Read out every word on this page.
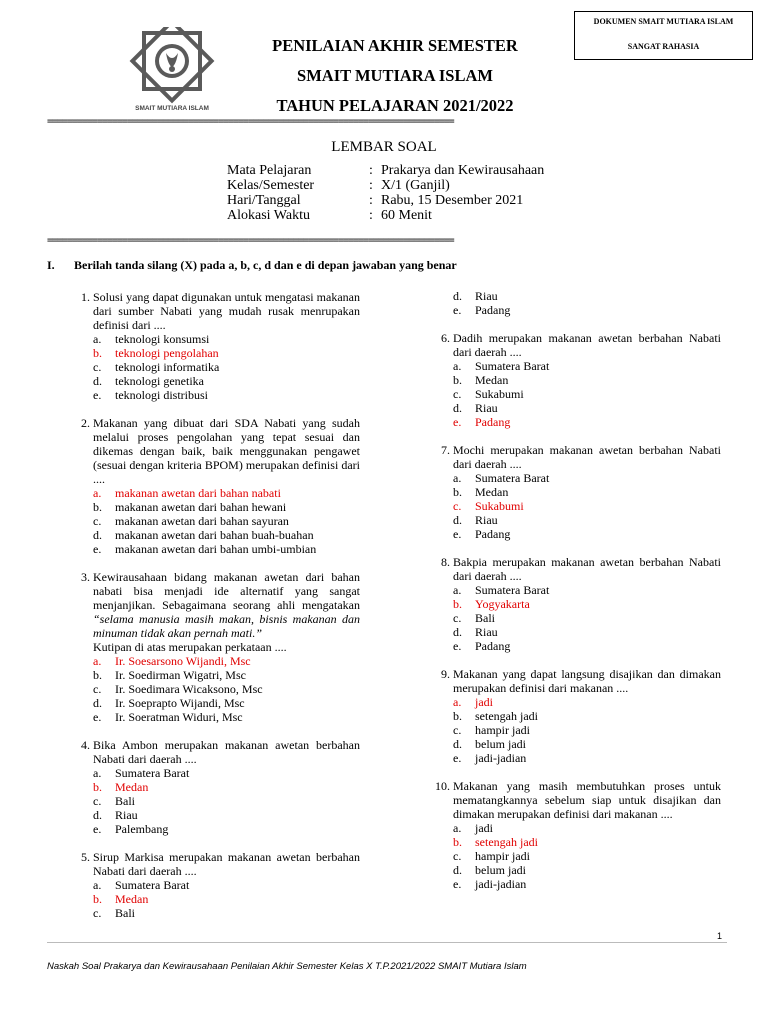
DOKUMEN SMAIT MUTIARA ISLAM
SANGAT RAHASIA
SMAIT MUTIARA ISLAM
PENILAIAN AKHIR SEMESTER
SMAIT MUTIARA ISLAM
TAHUN PELAJARAN 2021/2022
=================================================================================
LEMBAR SOAL
Mata Pelajaran	: Prakarya dan Kewirausahaan
Kelas/Semester	: X/1 (Ganjil)
Hari/Tanggal	: Rabu, 15 Desember 2021
Alokasi Waktu	: 60 Menit
=================================================================================
I. Berilah tanda silang (X) pada a, b, c, d dan e di depan jawaban yang benar
1. Solusi yang dapat digunakan untuk mengatasi makanan dari sumber Nabati yang mudah rusak menrupakan definisi dari ....
a. teknologi konsumsi
b. teknologi pengolahan
c. teknologi informatika
d. teknologi genetika
e. teknologi distribusi
2. Makanan yang dibuat dari SDA Nabati yang sudah melalui proses pengolahan yang tepat sesuai dan dikemas dengan baik, baik menggunakan pengawet (sesuai dengan kriteria BPOM) merupakan definisi dari ....
a. makanan awetan dari bahan nabati
b. makanan awetan dari bahan hewani
c. makanan awetan dari bahan sayuran
d. makanan awetan dari bahan buah-buahan
e. makanan awetan dari bahan umbi-umbian
3. Kewirausahaan bidang makanan awetan dari bahan nabati bisa menjadi ide alternatif yang sangat menjanjikan. Sebagaimana seorang ahli mengatakan “selama manusia masih makan, bisnis makanan dan minuman tidak akan pernah mati.”
Kutipan di atas merupakan perkataan ....
a. Ir. Soesarsono Wijandi, Msc
b. Ir. Soedirman Wigatri, Msc
c. Ir. Soedimara Wicaksono, Msc
d. Ir. Soeprapto Wijandi, Msc
e. Ir. Soeratman Widuri, Msc
4. Bika Ambon merupakan makanan awetan berbahan Nabati dari daerah ....
a. Sumatera Barat
b. Medan
c. Bali
d. Riau
e. Palembang
5. Sirup Markisa merupakan makanan awetan berbahan Nabati dari daerah ....
a. Sumatera Barat
b. Medan
c. Bali
d. Riau
e. Padang
6. Dadih merupakan makanan awetan berbahan Nabati dari daerah ....
a. Sumatera Barat
b. Medan
c. Sukabumi
d. Riau
e. Padang
7. Mochi merupakan makanan awetan berbahan Nabati dari daerah ....
a. Sumatera Barat
b. Medan
c. Sukabumi
d. Riau
e. Padang
8. Bakpia merupakan makanan awetan berbahan Nabati dari daerah ....
a. Sumatera Barat
b. Yogyakarta
c. Bali
d. Riau
e. Padang
9. Makanan yang dapat langsung disajikan dan dimakan merupakan definisi dari makanan ....
a. jadi
b. setengah jadi
c. hampir jadi
d. belum jadi
e. jadi-jadian
10. Makanan yang masih membutuhkan proses untuk mematangkannya sebelum siap untuk disajikan dan dimakan merupakan definisi dari makanan ....
a. jadi
b. setengah jadi
c. hampir jadi
d. belum jadi
e. jadi-jadian
1
Naskah Soal Prakarya dan Kewirausahaan Penilaian Akhir Semester Kelas X T.P.2021/2022 SMAIT Mutiara Islam
